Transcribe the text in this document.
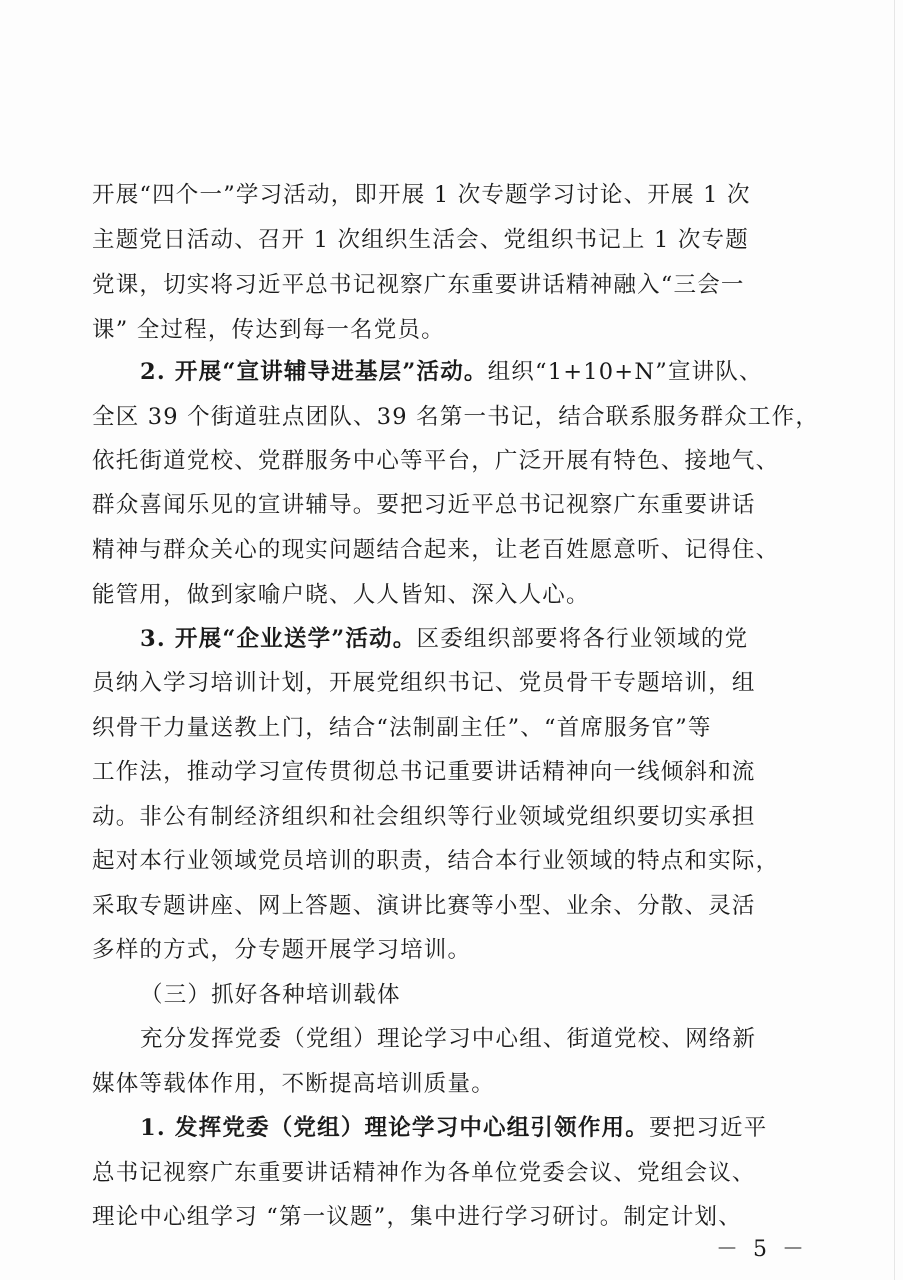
开展“四个一”学习活动，即开展 1 次专题学习讨论、开展 1 次
主题党日活动、召开 1 次组织生活会、党组织书记上 1 次专题
党课，切实将习近平总书记视察广东重要讲话精神融入“三会一
课” 全过程，传达到每一名党员。
2. 开展“宣讲辅导进基层”活动。组织“1+10+N”宣讲队、
全区 39 个街道驻点团队、39 名第一书记，结合联系服务群众工作，
依托街道党校、党群服务中心等平台，广泛开展有特色、接地气、
群众喜闻乐见的宣讲辅导。要把习近平总书记视察广东重要讲话
精神与群众关心的现实问题结合起来，让老百姓愿意听、记得住、
能管用，做到家喻户晓、人人皆知、深入人心。
3. 开展“企业送学”活动。区委组织部要将各行业领域的党
员纳入学习培训计划，开展党组织书记、党员骨干专题培训，组
织骨干力量送教上门，结合“法制副主任”、“首席服务官”等
工作法，推动学习宣传贯彻总书记重要讲话精神向一线倾斜和流
动。非公有制经济组织和社会组织等行业领域党组织要切实承担
起对本行业领域党员培训的职责，结合本行业领域的特点和实际，
采取专题讲座、网上答题、演讲比赛等小型、业余、分散、灵活
多样的方式，分专题开展学习培训。
（三）抓好各种培训载体
充分发挥党委（党组）理论学习中心组、街道党校、网络新
媒体等载体作用，不断提高培训质量。
1. 发挥党委（党组）理论学习中心组引领作用。要把习近平
总书记视察广东重要讲话精神作为各单位党委会议、党组会议、
理论中心组学习 “第一议题”，集中进行学习研讨。制定计划、
－ 5 －
